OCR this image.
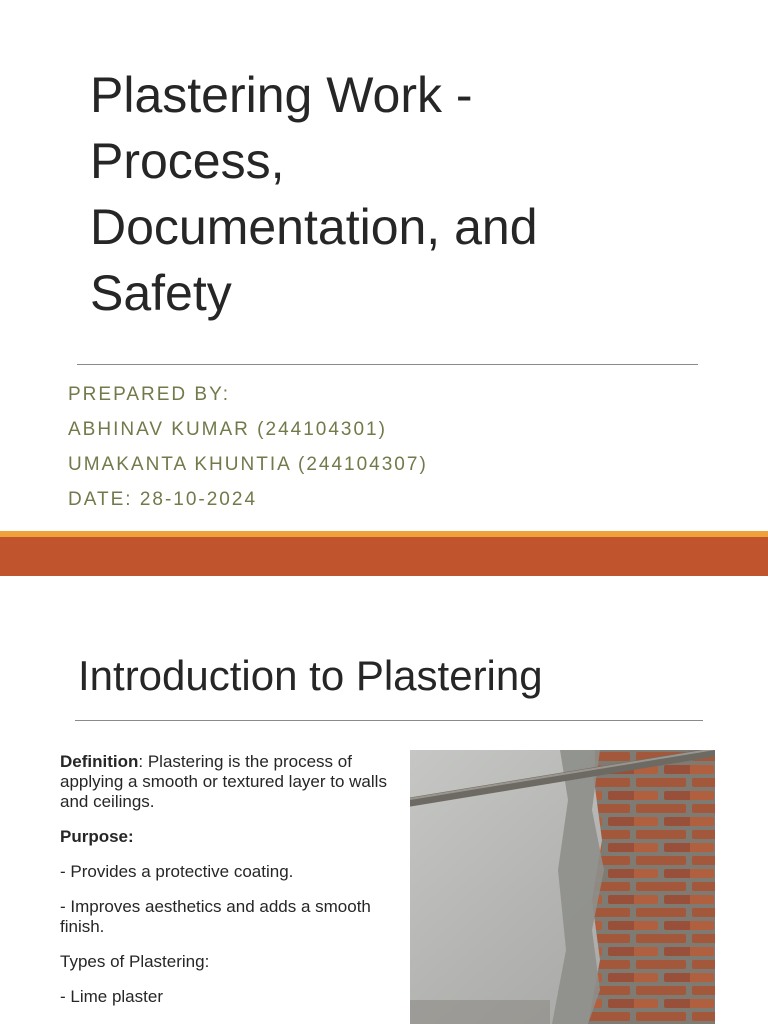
Plastering Work -
Process,
Documentation, and
Safety
PREPARED BY:
ABHINAV KUMAR (244104301)
UMAKANTA KHUNTIA (244104307)
DATE: 28-10-2024
Introduction to Plastering

Definition: Plastering is the process of applying a smooth or textured layer to walls and ceilings.

Purpose:

- Provides a protective coating.

- Improves aesthetics and adds a smooth finish.

Types of Plastering:

- Lime plaster
